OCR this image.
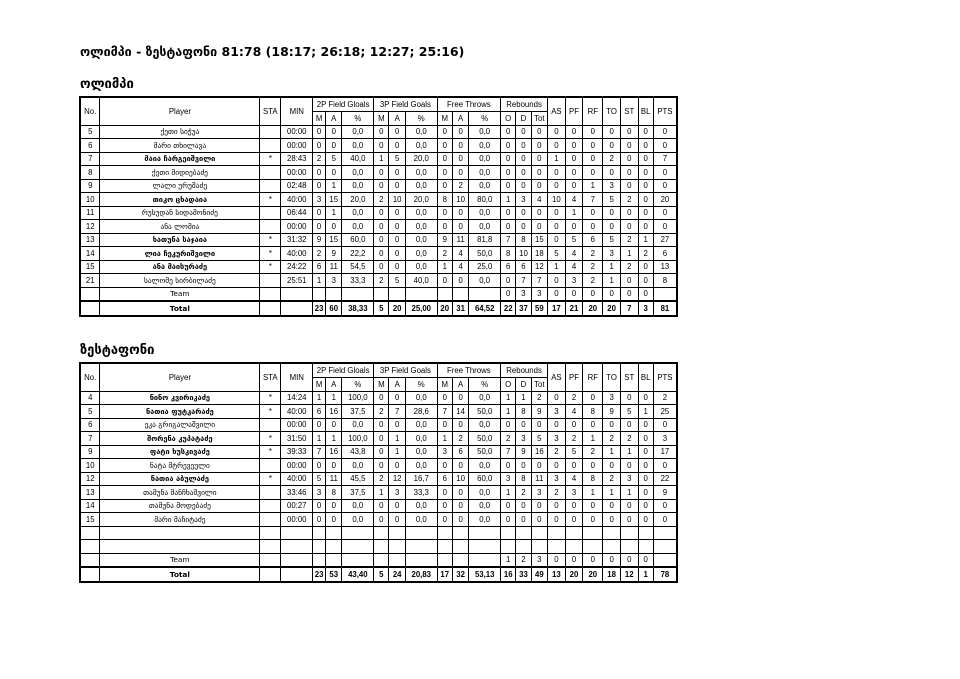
ოლიმპი - ზესტაფონი 81:78 (18:17; 26:18; 12:27; 25:16)
ოლიმპი
No.	Player	STA	MIN	2P Field Gloals			3P Field Goals			Free Throws			Rebounds			AS	PF	RF	TO	ST	BL	PTS
				M	A	%	M	A	%	M	A	%	O	D	Tot							
5	ქეთი სიჭუა		00:00	0	0	0,0	0	0	0,0	0	0	0,0	0	0	0	0	0	0	0	0	0	0
6	მარი თხილავა		00:00	0	0	0,0	0	0	0,0	0	0	0,0	0	0	0	0	0	0	0	0	0	0
7	მაია ჩარგეიშვილი	*	28:43	2	5	40,0	1	5	20,0	0	0	0,0	0	0	0	1	0	0	2	0	0	7
8	ქეთი მიდიებაძე		00:00	0	0	0,0	0	0	0,0	0	0	0,0	0	0	0	0	0	0	0	0	0	0
9	ლალი ურუშაძე		02:48	0	1	0,0	0	0	0,0	0	2	0,0	0	0	0	0	0	1	3	0	0	0
10	თიკო ცხადაია	*	40:00	3	15	20,0	2	10	20,0	8	10	80,0	1	3	4	10	4	7	5	2	0	20
11	რუსუდან სიდამონიძე		06:44	0	1	0,0	0	0	0,0	0	0	0,0	0	0	0	0	1	0	0	0	0	0
12	ანა ლომია		00:00	0	0	0,0	0	0	0,0	0	0	0,0	0	0	0	0	0	0	0	0	0	0
13	ხათუნა საჯაია	*	31:32	9	15	60,0	0	0	0,0	9	11	81,8	7	8	15	0	5	6	5	2	1	27
14	ლია ჩეკურიშვილი	*	40:00	2	9	22,2	0	0	0,0	2	4	50,0	8	10	18	5	4	2	3	1	2	6
15	ანა მაისურაძე	*	24:22	6	11	54,5	0	0	0,0	1	4	25,0	6	6	12	1	4	2	1	2	0	13
21	სალომე სირბილაძე		25:51	1	3	33,3	2	5	40,0	0	0	0,0	0	7	7	0	3	2	1	0	0	8
	Team												0	3	3	0	0	0	0	0	0	
	Total			23	60	38,33	5	20	25,00	20	31	64,52	22	37	59	17	21	20	20	7	3	81
ზესტაფონი
No.	Player	STA	MIN	2P Field Gloals			3P Field Goals			Free Throws			Rebounds			AS	PF	RF	TO	ST	BL	PTS
				M	A	%	M	A	%	M	A	%	O	D	Tot							
4	ნინო კვირიკაძე	*	14:24	1	1	100,0	0	0	0,0	0	0	0,0	1	1	2	0	2	0	3	0	0	2
5	ნათია ფუტკარაძე	*	40:00	6	16	37,5	2	7	28,6	7	14	50,0	1	8	9	3	4	8	9	5	1	25
6	ეკა გრიგალაშვილი		00:00	0	0	0,0	0	0	0,0	0	0	0,0	0	0	0	0	0	0	0	0	0	0
7	შორენა კუპატაძე	*	31:50	1	1	100,0	0	1	0,0	1	2	50,0	2	3	5	3	2	1	2	2	0	3
9	ფატი ხუსკივაძე	*	39:33	7	16	43,8	0	1	0,0	3	6	50,0	7	9	16	2	5	2	1	1	0	17
10	ნატა მტრევეული		00:00	0	0	0,0	0	0	0,0	0	0	0,0	0	0	0	0	0	0	0	0	0	0
12	ნათია აბულაძე	*	40:00	5	11	45,5	2	12	16,7	6	10	60,0	3	8	11	3	4	8	2	3	0	22
13	თამუნა მანჩხაშვილი		33:46	3	8	37,5	1	3	33,3	0	0	0,0	1	2	3	2	3	1	1	1	0	9
14	თამუნა მოდებაძე		00:27	0	0	0,0	0	0	0,0	0	0	0,0	0	0	0	0	0	0	0	0	0	0
15	მარი მაჩიტაძე		00:00	0	0	0,0	0	0	0,0	0	0	0,0	0	0	0	0	0	0	0	0	0	0

	Team												1	2	3	0	0	0	0	0	0	
	Total			23	53	43,40	5	24	20,83	17	32	53,13	16	33	49	13	20	20	18	12	1	78
